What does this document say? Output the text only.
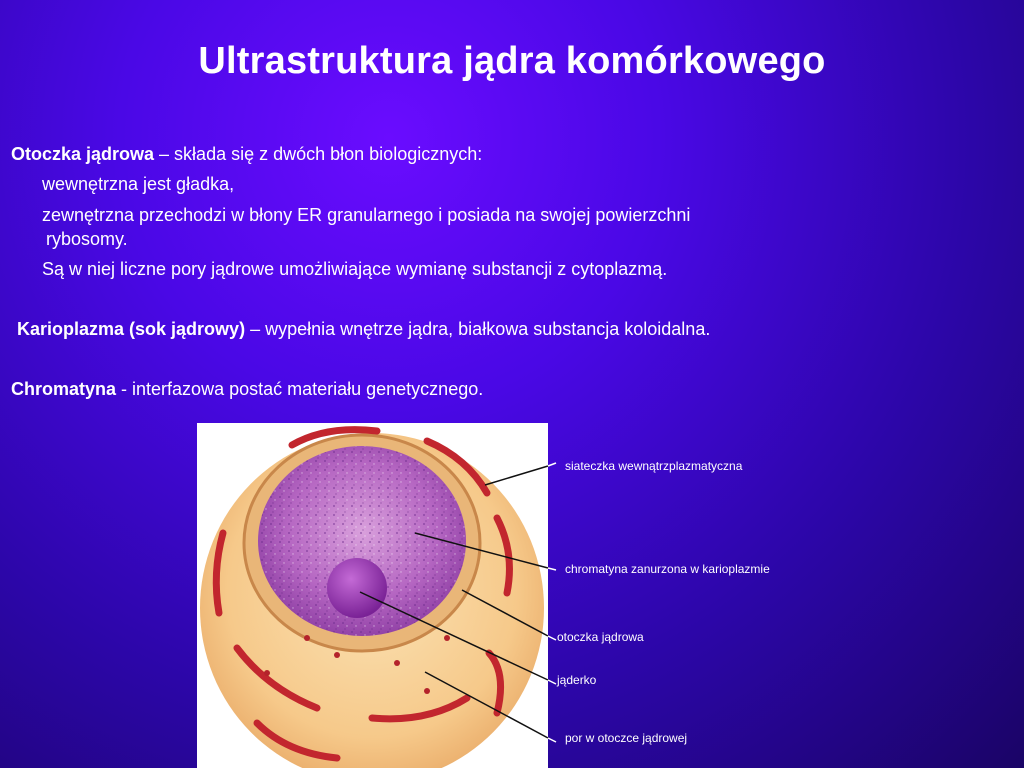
Ultrastruktura jądra komórkowego
Otoczka jądrowa – składa się z dwóch błon biologicznych:
wewnętrzna jest gładka,
zewnętrzna przechodzi w błony ER granularnego i posiada na swojej powierzchni
rybosomy.
Są w niej liczne pory jądrowe umożliwiające wymianę substancji z cytoplazmą.
Karioplazma (sok jądrowy) – wypełnia wnętrze jądra, białkowa substancja koloidalna.
Chromatyna - interfazowa postać materiału genetycznego.
siateczka wewnątrzplazmatyczna
chromatyna zanurzona w karioplazmie
otoczka jądrowa
jąderko
por w otoczce jądrowej
